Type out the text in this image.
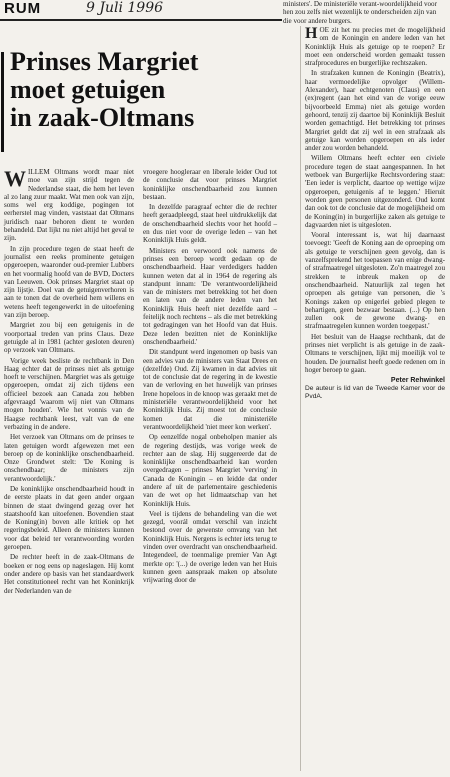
RUM	9 Juli 1996	ministers'. De ministeriële verant-woordelijkheid voor hen zou zelfs niet wezenlijk te onderscheiden zijn van die voor andere burgers.
Prinses Margriet
moet getuigen
in zaak-Oltmans

WILLEM Oltmans wordt maar niet moe van zijn strijd tegen de Nederlandse staat, die hem het leven al zo lang zuur maakt. Wat men ook van zijn, soms wel erg koddige, pogingen tot eerherstel mag vinden, vaststaat dat Oltmans juridisch naar behoren dient te worden behandeld. Dat lijkt nu niet altijd het geval te zijn.

In zijn procedure tegen de staat heeft de journalist een reeks prominente getuigen opgeroepen, waaronder oud-premier Lubbers en het voormalig hoofd van de BVD, Docters van Leeuwen. Ook prinses Margriet staat op zijn lijstje. Doel van de getuigenverhoren is aan te tonen dat de overheid hem willens en wetens heeft tegengewerkt in de uitoefening van zijn beroep.

Margriet zou bij een getuigenis in de voorportaal treden van prins Claus. Deze getuigde al in 1981 (achter gesloten deuren) op verzoek van Oltmans.

Vorige week besliste de rechtbank in Den Haag echter dat de prinses niet als getuige hoeft te verschijnen. Margriet was als getuige opgeroepen, omdat zij zich tijdens een officieel bezoek aan Canada zou hebben afgevraagd 'waarom wij niet van Oltmans mogen houden'. Wie het vonnis van de Haagse rechtbank leest, valt van de ene verbazing in de andere.

Het verzoek van Oltmans om de prinses te laten getuigen wordt afgewezen met een beroep op de koninklijke onschendbaarheid. Onze Grondwet stelt: 'De Koning is onschendbaar; de ministers zijn verantwoordelijk.'

De koninklijke onschendbaarheid houdt in de eerste plaats in dat geen ander orgaan binnen de staat dwingend gezag over het staatshoofd kan uitoefenen. Bovendien staat de Koning(in) boven alle kritiek op het regeringsbeleid. Alleen de ministers kunnen voor dat beleid ter verantwoording worden geroepen.

De rechter heeft in de zaak-Oltmans de boeken er nog eens op nageslagen. Hij komt onder andere op basis van het standaardwerk Het constitutioneel recht van het Koninkrijk der Nederlanden van de

vroegere hoogleraar en liberale leider Oud tot de conclusie dat voor prinses Margriet koninklijke onschendbaarheid zou kunnen bestaan.

In dezelfde paragraaf echter die de rechter heeft geraadpleegd, staat heel uitdrukkelijk dat de onschendbaarheid slechts voor het hoofd – en dus niet voor de overige leden – van het Koninklijk Huis geldt.

Ministers en verwoord ook namens de prinses een beroep wordt gedaan op de onschendbaarheid. Haar verdedigers hadden kunnen weten dat al in 1964 de regering als standpunt innam: 'De verantwoordelijkheid van de ministers met betrekking tot het doen en laten van de andere leden van het Koninklijk Huis heeft niet dezelfde aard – feitelijk noch rechtens – als die met betrekking tot gedragingen van het Hoofd van dat Huis. Deze leden bezitten niet de Koninklijke onschendbaarheid.'

Dit standpunt werd ingenomen op basis van een advies van de ministers van Staat Drees en (dezelfde) Oud. Zij kwamen in dat advies uit tot de conclusie dat de regering in de kwestie van de verloving en het huwelijk van prinses Irene hopeloos in de knoop was geraakt met de ministeriële verantwoordelijkheid voor het Koninklijk Huis. Zij moest tot de conclusie komen dat die ministeriële verantwoordelijkheid 'niet meer kon werken'.

Op eenzelfde nogal onbeholpen manier als de regering destijds, was vorige week de rechter aan de slag. Hij suggereerde dat de koninklijke onschendbaarheid kan worden overgedragen – prinses Margriet 'verving' in Canada de Koningin – en leidde dat onder andere af uit de parlementaire geschiedenis van de wet op het lidmaatschap van het Koninklijk Huis.

Veel is tijdens de behandeling van die wet gezegd, voorál omdat verschil van inzicht bestond over de gewenste omvang van het Koninklijk Huis. Nergens is echter iets terug te vinden over overdracht van onschendbaarheid. Integendeel, de toenmalige premier Van Agt merkte op: '(...) de overige leden van het Huis kunnen geen aanspraak maken op absolute vrijwaring door de

HOE zit het nu precies met de mogelijkheid om de Koningin en andere leden van het Koninklijk Huis als getuige op te roepen? Er moet een onderscheid worden gemaakt tussen strafprocedures en burgerlijke rechtszaken.

In strafzaken kunnen de Koningin (Beatrix), haar vermoedelijke opvolger (Willem-Alexander), haar echtgenoten (Claus) en een (ex)regent (aan het eind van de vorige eeuw bijvoorbeeld Emma) niet als getuige worden gehoord, tenzij zij daartoe bij Koninklijk Besluit worden gemachtigd. Het betrekking tot prinses Margriet geldt dat zij wel in een strafzaak als getuige kan worden opgeroepen en als ieder ander zou worden behandeld.

Willem Oltmans heeft echter een civiele procedure tegen de staat aangespannen. In het wetboek van Burgerlijke Rechtsvordering staat: 'Een ieder is verplicht, daartoe op wettige wijze opgeroepen, getuigenis af te leggen.' Hieruit worden geen personen uitgezonderd. Oud komt dan ook tot de conclusie dat de mogelijkheid om de Koning(in) in burgerlijke zaken als getuige te dagvaarden niet is uitgesloten.

Vooral interessant is, wat hij daarnaast toevoegt: 'Geeft de Koning aan de oproeping om als getuige te verschijnen geen gevolg, dan is vanzelfsprekend het toepassen van enige dwang- of strafmaatregel uitgesloten. Zo'n maatregel zou strekken te inbreuk maken op de onschendbaarheid. Natuurlijk zal tegen het oproepen als getuige van personen, die 's Konings zaken op enigerlei gebied plegen te behartigen, geen bezwaar bestaan. (...) Op hen zullen ook de gewone dwang- en strafmaatregelen kunnen worden toegepast.'

Het besluit van de Haagse rechtbank, dat de prinses niet verplicht is als getuige in de zaak-Oltmans te verschijnen, lijkt mij moeilijk vol te houden. De journalist heeft goede redenen om in hoger beroep te gaan.

Peter Rehwinkel

De auteur is lid van de Tweede Kamer voor de PvdA.
